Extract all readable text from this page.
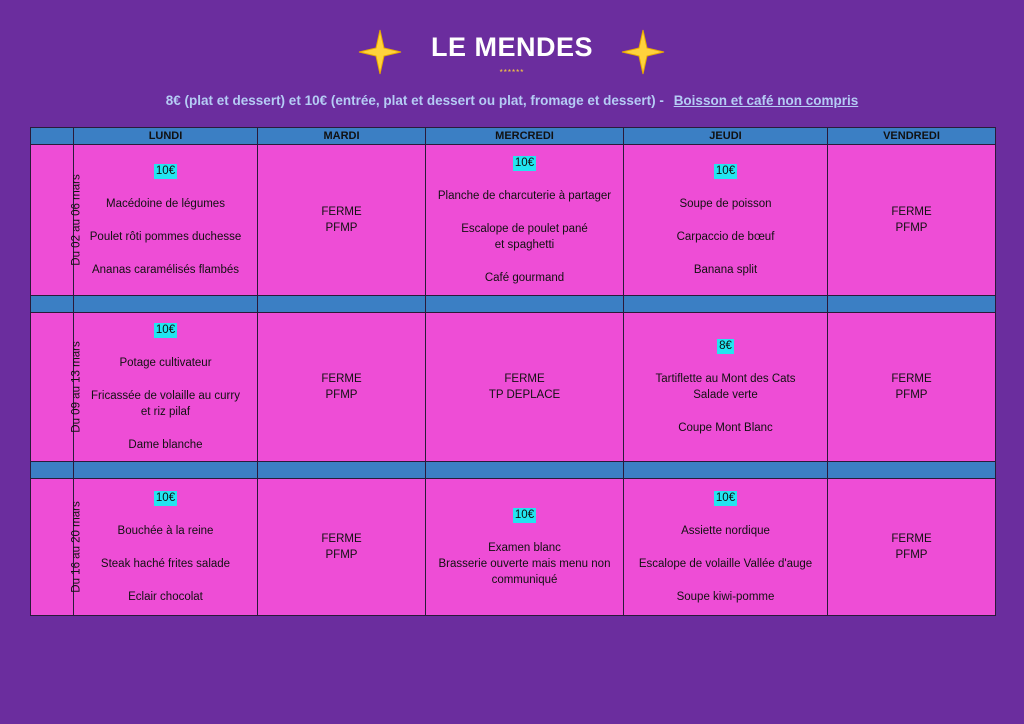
LE MENDES
******
8€ (plat et dessert) et 10€ (entrée, plat et dessert ou plat, fromage et dessert) - Boisson et café non compris
	LUNDI	MARDI	MERCREDI	JEUDI	VENDREDI
Du 02 au 06 mars	10€
Macédoine de légumes
Poulet rôti pommes duchesse
Ananas caramélisés flambés	FERME
PFMP	10€
Planche de charcuterie à partager
Escalope de poulet pané
et spaghetti
Café gourmand	10€
Soupe de poisson
Carpaccio de bœuf
Banana split	FERME
PFMP

Du 09 au 13 mars	10€
Potage cultivateur
Fricassée de volaille au curry
et riz pilaf
Dame blanche	FERME
PFMP	FERME
TP DEPLACE	8€
Tartiflette au Mont des Cats
Salade verte
Coupe Mont Blanc	FERME
PFMP

Du 16 au 20 mars	10€
Bouchée à la reine
Steak haché frites salade
Eclair chocolat	FERME
PFMP	10€
Examen blanc
Brasserie ouverte mais menu non
communiqué	10€
Assiette nordique
Escalope de volaille Vallée d'auge
Soupe kiwi-pomme	FERME
PFMP
